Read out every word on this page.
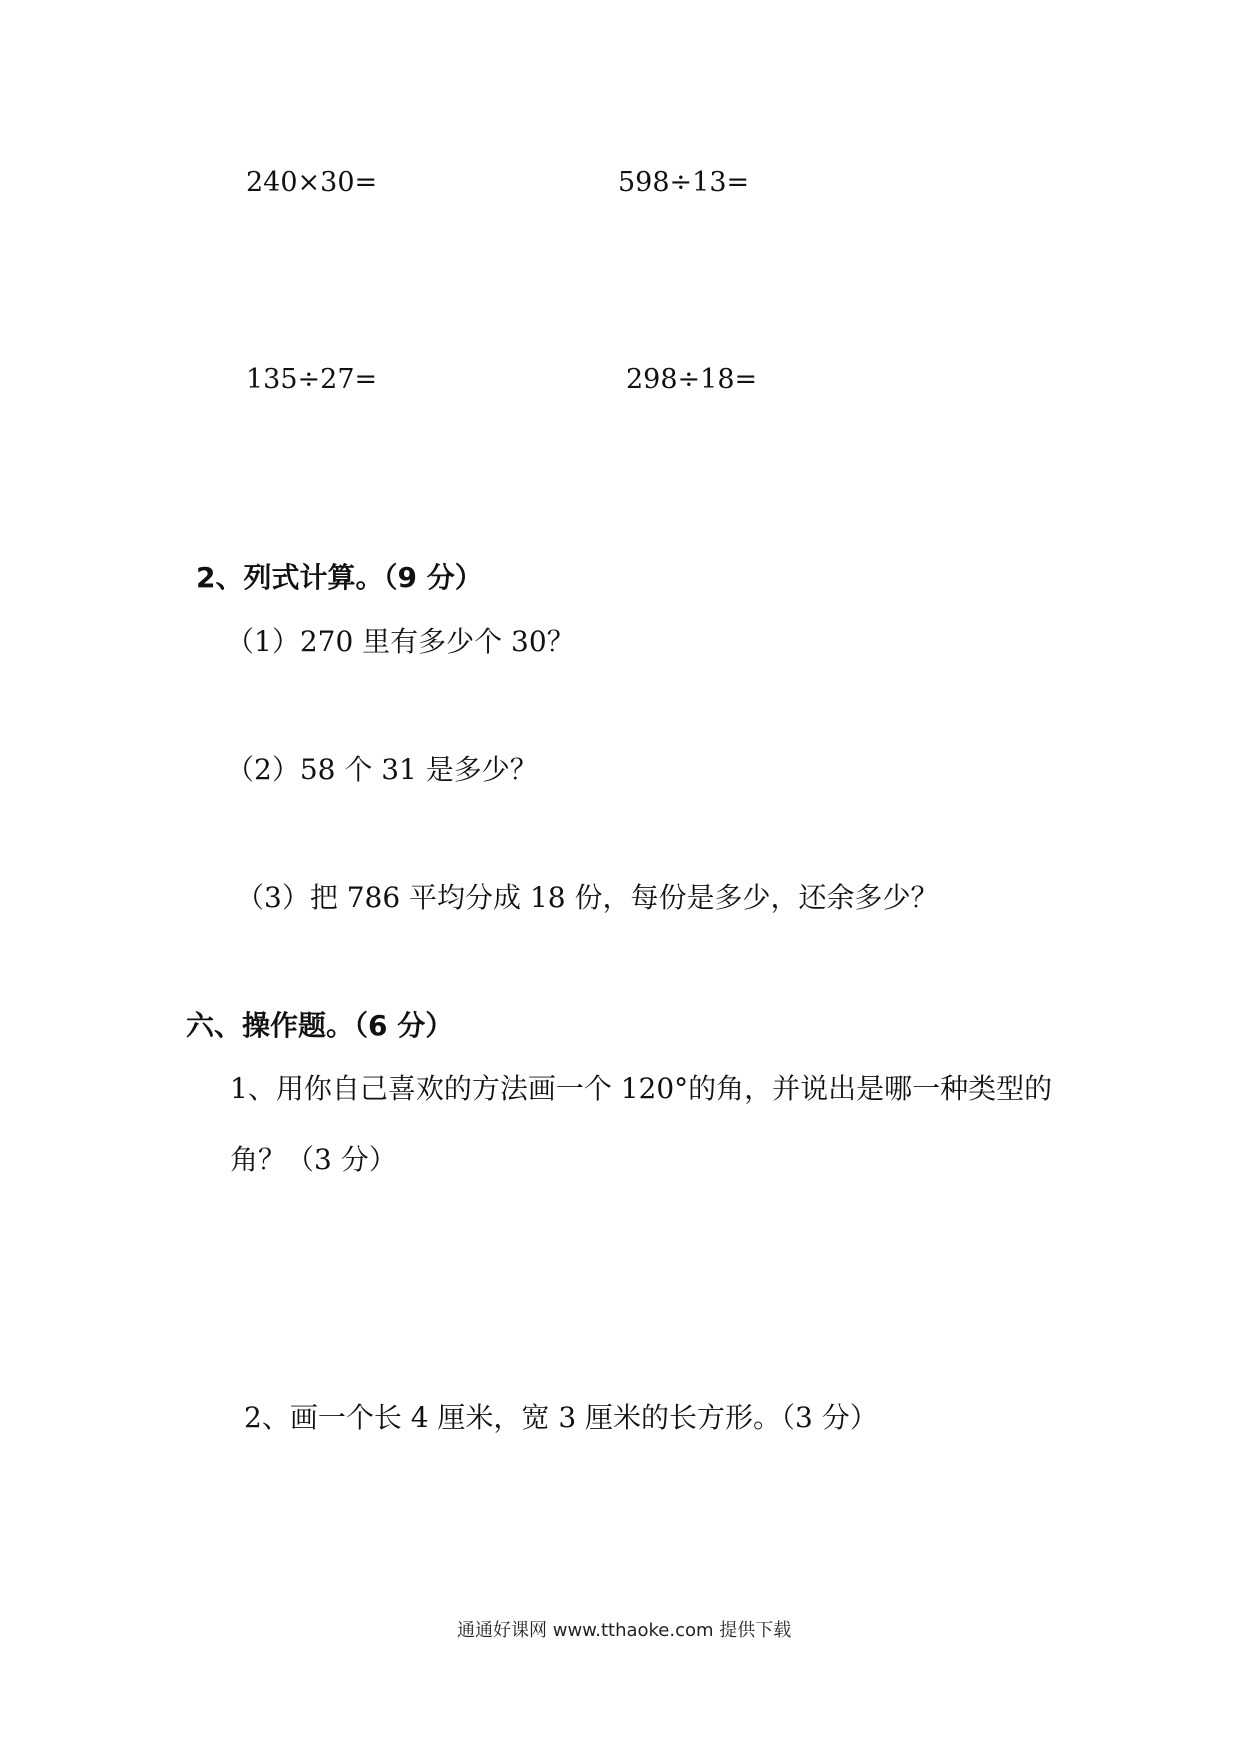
240×30=	598÷13=
135÷27=	298÷18=
2、列式计算。（9 分）
（1）270 里有多少个 30？
（2）58 个 31 是多少？
（3）把 786 平均分成 18 份，每份是多少，还余多少？
六、操作题。（6 分）
1、用你自己喜欢的方法画一个 120°的角，并说出是哪一种类型的
角？（3 分）
2、画一个长 4 厘米，宽 3 厘米的长方形。（3 分）
通通好课网 www.tthaoke.com 提供下载
